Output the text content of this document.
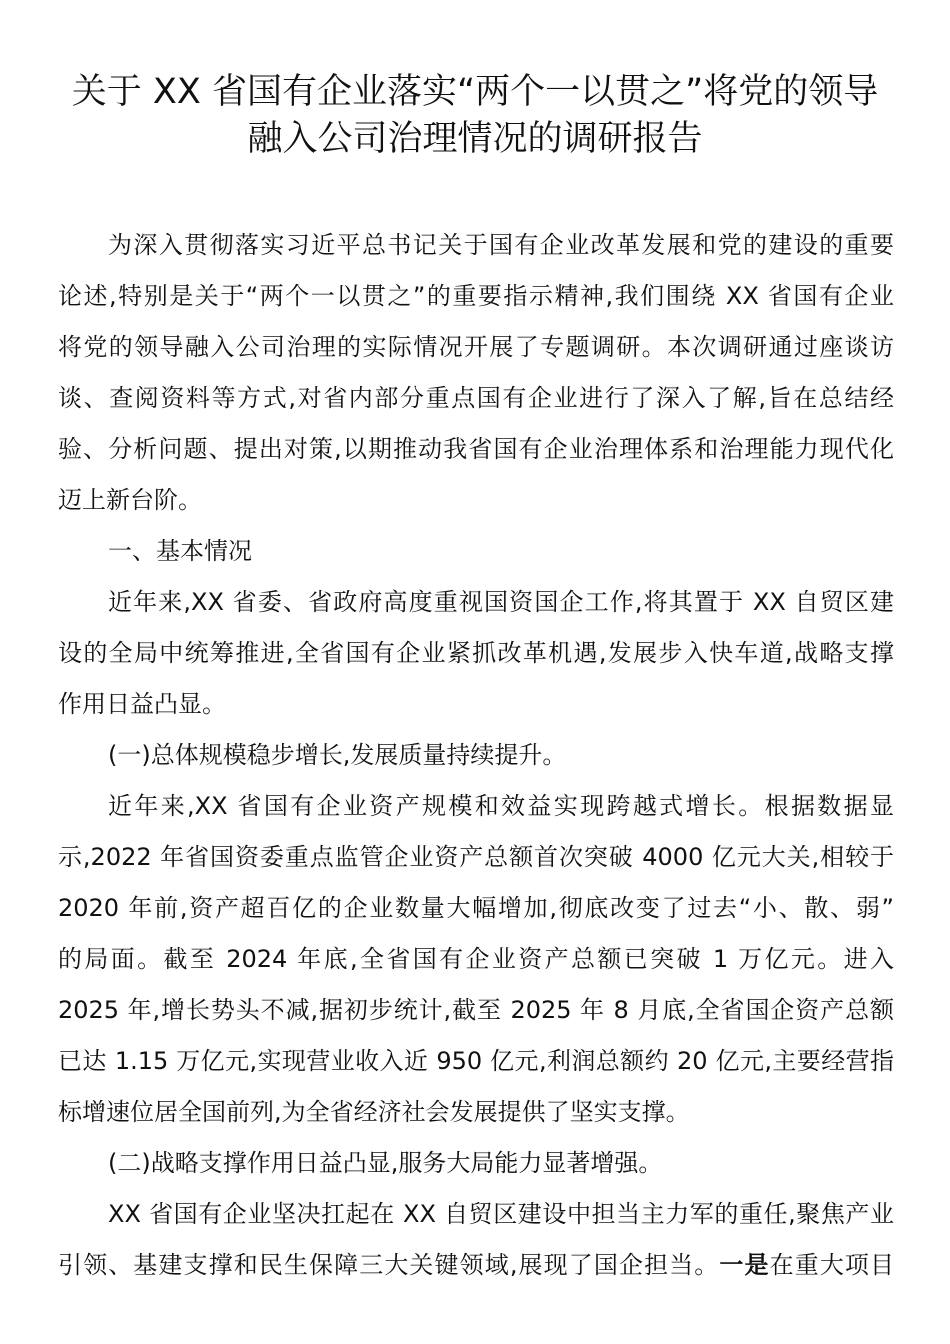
关于 XX 省国有企业落实“两个一以贯之”将党的领导
融入公司治理情况的调研报告
为深入贯彻落实习近平总书记关于国有企业改革发展和党的建设的重要
论述,特别是关于“两个一以贯之”的重要指示精神,我们围绕 XX 省国有企业
将党的领导融入公司治理的实际情况开展了专题调研。本次调研通过座谈访
谈、查阅资料等方式,对省内部分重点国有企业进行了深入了解,旨在总结经
验、分析问题、提出对策,以期推动我省国有企业治理体系和治理能力现代化
迈上新台阶。
一、基本情况
近年来,XX 省委、省政府高度重视国资国企工作,将其置于 XX 自贸区建
设的全局中统筹推进,全省国有企业紧抓改革机遇,发展步入快车道,战略支撑
作用日益凸显。
(一)总体规模稳步增长,发展质量持续提升。
近年来,XX 省国有企业资产规模和效益实现跨越式增长。根据数据显
示,2022 年省国资委重点监管企业资产总额首次突破 4000 亿元大关,相较于
2020 年前,资产超百亿的企业数量大幅增加,彻底改变了过去“小、散、弱”
的局面。截至 2024 年底,全省国有企业资产总额已突破 1 万亿元。进入
2025 年,增长势头不减,据初步统计,截至 2025 年 8 月底,全省国企资产总额
已达 1.15 万亿元,实现营业收入近 950 亿元,利润总额约 20 亿元,主要经营指
标增速位居全国前列,为全省经济社会发展提供了坚实支撑。
(二)战略支撑作用日益凸显,服务大局能力显著增强。
XX 省国有企业坚决扛起在 XX 自贸区建设中担当主力军的重任,聚焦产业
引领、基建支撑和民生保障三大关键领域,展现了国企担当。一是在重大项目
